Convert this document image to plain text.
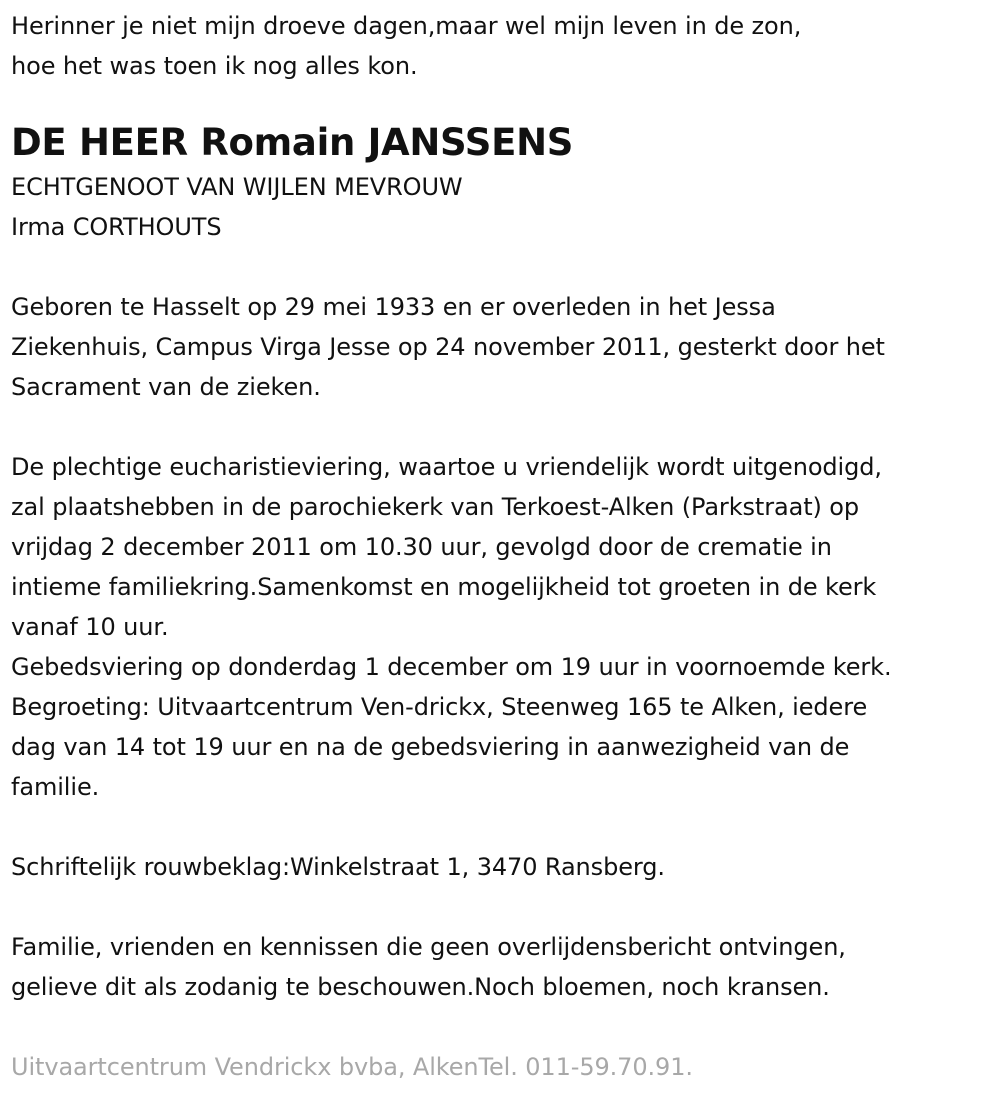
Herinner je niet mijn droeve dagen,maar wel mijn leven in de zon,
hoe het was toen ik nog alles kon.
DE HEER Romain JANSSENS
ECHTGENOOT VAN WIJLEN MEVROUW
Irma CORTHOUTS
Geboren te Hasselt op 29 mei 1933 en er overleden in het Jessa
Ziekenhuis, Campus Virga Jesse op 24 november 2011, gesterkt door het
Sacrament van de zieken.
De plechtige eucharistieviering, waartoe u vriendelijk wordt uitgenodigd,
zal plaatshebben in de parochiekerk van Terkoest-Alken (Parkstraat) op
vrijdag 2 december 2011 om 10.30 uur, gevolgd door de crematie in
intieme familiekring.Samenkomst en mogelijkheid tot groeten in de kerk
vanaf 10 uur.
Gebedsviering op donderdag 1 december om 19 uur in voornoemde kerk.
Begroeting: Uitvaartcentrum Ven-drickx, Steenweg 165 te Alken, iedere
dag van 14 tot 19 uur en na de gebedsviering in aanwezigheid van de
familie.
Schriftelijk rouwbeklag:Winkelstraat 1, 3470 Ransberg.
Familie, vrienden en kennissen die geen overlijdensbericht ontvingen,
gelieve dit als zodanig te beschouwen.Noch bloemen, noch kransen.
Uitvaartcentrum Vendrickx bvba, AlkenTel. 011-59.70.91.
